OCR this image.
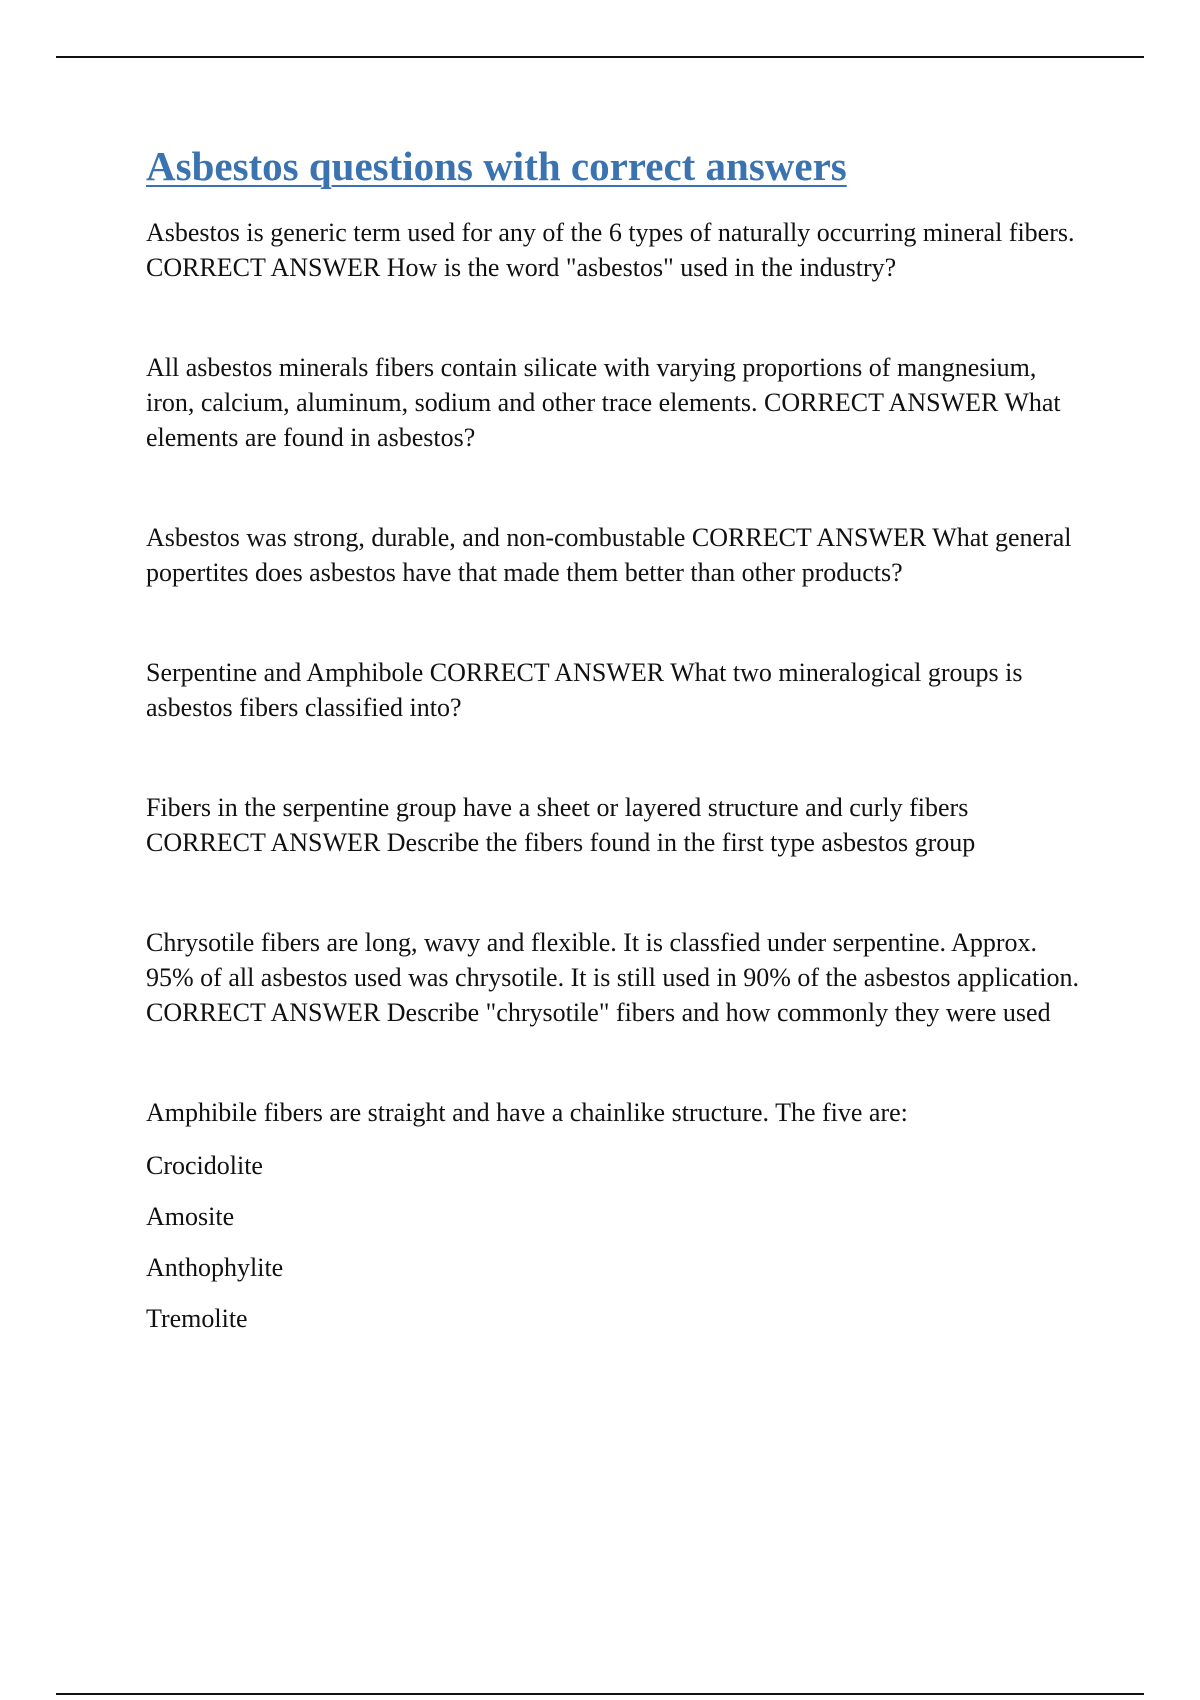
Asbestos questions with correct answers

Asbestos is generic term used for any of the 6 types of naturally occurring mineral fibers. CORRECT ANSWER How is the word "asbestos" used in the industry?

All asbestos minerals fibers contain silicate with varying proportions of mangnesium, iron, calcium, aluminum, sodium and other trace elements. CORRECT ANSWER What elements are found in asbestos?

Asbestos was strong, durable, and non-combustable CORRECT ANSWER What general popertites does asbestos have that made them better than other products?

Serpentine and Amphibole CORRECT ANSWER What two mineralogical groups is asbestos fibers classified into?

Fibers in the serpentine group have a sheet or layered structure and curly fibers CORRECT ANSWER Describe the fibers found in the first type asbestos group

Chrysotile fibers are long, wavy and flexible. It is classfied under serpentine. Approx. 95% of all asbestos used was chrysotile. It is still used in 90% of the asbestos application. CORRECT ANSWER Describe "chrysotile" fibers and how commonly they were used

Amphibile fibers are straight and have a chainlike structure. The five are:

Crocidolite
Amosite
Anthophylite
Tremolite
